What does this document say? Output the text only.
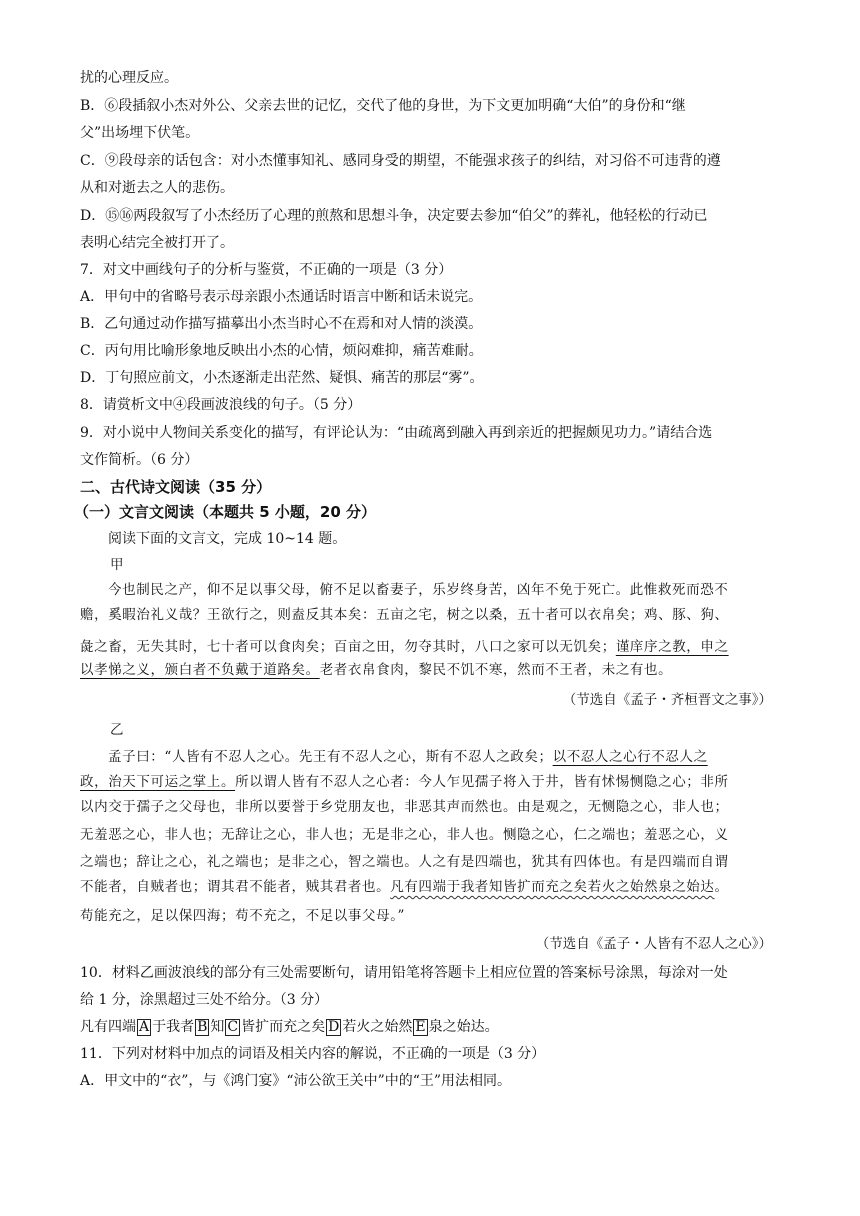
扰的心理反应。
B．⑥段插叙小杰对外公、父亲去世的记忆，交代了他的身世，为下文更加明确“大伯”的身份和“继
父”出场埋下伏笔。
C．⑨段母亲的话包含：对小杰懂事知礼、感同身受的期望，不能强求孩子的纠结，对习俗不可违背的遵
从和对逝去之人的悲伤。
D．⑮⑯两段叙写了小杰经历了心理的煎熬和思想斗争，决定要去参加“伯父”的葬礼，他轻松的行动已
表明心结完全被打开了。
7．对文中画线句子的分析与鉴赏，不正确的一项是（3 分）
A．甲句中的省略号表示母亲跟小杰通话时语言中断和话未说完。
B．乙句通过动作描写描摹出小杰当时心不在焉和对人情的淡漠。
C．丙句用比喻形象地反映出小杰的心情，烦闷难抑，痛苦难耐。
D．丁句照应前文，小杰逐渐走出茫然、疑惧、痛苦的那层“雾”。
8．请赏析文中④段画波浪线的句子。（5 分）
9．对小说中人物间关系变化的描写，有评论认为：“由疏离到融入再到亲近的把握颇见功力。”请结合选
文作简析。（6 分）
二、古代诗文阅读（35 分）
（一）文言文阅读（本题共 5 小题，20 分）
阅读下面的文言文，完成 10~14 题。
甲
今也制民之产，仰不足以事父母，俯不足以畜妻子，乐岁终身苦，凶年不免于死亡。此惟救死而恐不
赡，奚暇治礼义哉？王欲行之，则盍反其本矣：五亩之宅，树之以桑，五十者可以衣帛矣；鸡、豚、狗、
彘之畜，无失其时，七十者可以食肉矣；百亩之田，勿夺其时，八口之家可以无饥矣；谨庠序之教，申之
以孝悌之义，颁白者不负戴于道路矣。老者衣帛食肉，黎民不饥不寒，然而不王者，未之有也。
（节选自《孟子・齐桓晋文之事》）
乙
孟子曰：“人皆有不忍人之心。先王有不忍人之心，斯有不忍人之政矣；以不忍人之心行不忍人之
政，治天下可运之掌上。所以谓人皆有不忍人之心者：今人乍见孺子将入于井，皆有怵惕恻隐之心；非所
以内交于孺子之父母也，非所以要誉于乡党朋友也，非恶其声而然也。由是观之，无恻隐之心，非人也；
无羞恶之心，非人也；无辞让之心，非人也；无是非之心，非人也。恻隐之心，仁之端也；羞恶之心，义
之端也；辞让之心，礼之端也；是非之心，智之端也。人之有是四端也，犹其有四体也。有是四端而自谓
不能者，自贼者也；谓其君不能者，贼其君者也。凡有四端于我者知皆扩而充之矣若火之始然泉之始达。
苟能充之，足以保四海；苟不充之，不足以事父母。”
（节选自《孟子・人皆有不忍人之心》）
10．材料乙画波浪线的部分有三处需要断句，请用铅笔将答题卡上相应位置的答案标号涂黑，每涂对一处
给 1 分，涂黑超过三处不给分。（3 分）
凡有四端 A 于我者 B 知 C 皆扩而充之矣 D 若火之始然 E 泉之始达。
11．下列对材料中加点的词语及相关内容的解说，不正确的一项是（3 分）
A．甲文中的“衣”，与《鸿门宴》“沛公欲王关中”中的“王”用法相同。
